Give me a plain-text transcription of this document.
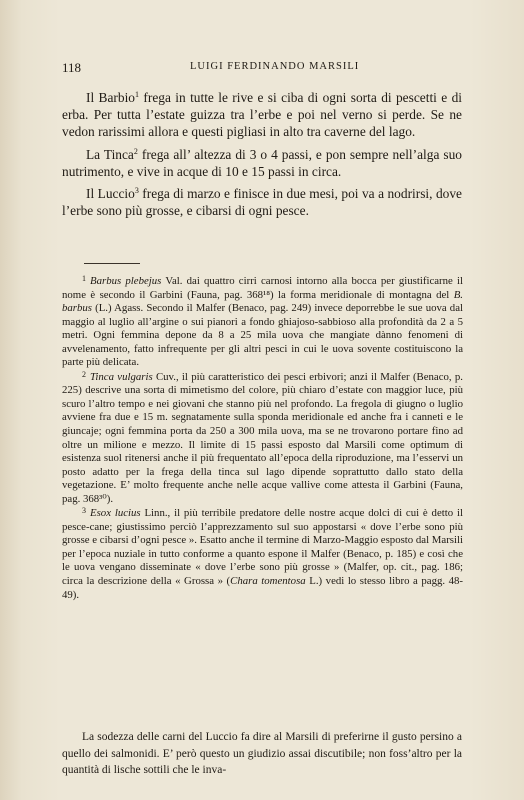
118	LUIGI FERDINANDO MARSILI

Il Barbio$^1$ frega in tutte le rive e si ciba di ogni sorta di pescetti e di erba. Per tutta l’estate guizza tra l’erbe e poi nel verno si perde. Se ne vedon rarissimi allora e questi pigliasi in alto tra caverne del lago.

La Tinca$^2$ frega all’ altezza di 3 o 4 passi, e pon sempre nell’alga suo nutrimento, e vive in acque di 10 e 15 passi in circa.

Il Luccio$^3$ frega di marzo e finisce in due mesi, poi va a nodrirsi, dove l’erbe sono più grosse, e cibarsi di ogni pesce.

$^1$ Barbus plebejus Val. dai quattro cirri carnosi intorno alla bocca per giustificarne il nome è secondo il Garbini (Fauna, pag. 368¹⁸) la forma meridionale di montagna del B. barbus (L.) Agass. Secondo il Malfer (Benaco, pag. 249) invece deporrebbe le sue uova dal maggio al luglio all’argine o sui pianori a fondo ghiajoso-sabbioso alla profondità da 2 a 5 metri. Ogni femmina depone da 8 a 25 mila uova che mangiate dànno fenomeni di avvelenamento, fatto infrequente per gli altri pesci in cui le uova sovente costituiscono la parte più delicata.

$^2$ Tinca vulgaris Cuv., il più caratteristico dei pesci erbivori; anzi il Malfer (Benaco, p. 225) descrive una sorta di mimetismo del colore, più chiaro d’estate con maggior luce, più scuro l’altro tempo e nei giovani che stanno più nel profondo. La fregola di giugno o luglio avviene fra due e 15 m. segnatamente sulla sponda meridionale ed anche fra i canneti e le giuncaje; ogni femmina porta da 250 a 300 mila uova, ma se ne trovarono portare fino ad oltre un milione e mezzo. Il limite di 15 passi esposto dal Marsili come optimum di esistenza suol ritenersi anche il più frequentato all’epoca della riproduzione, ma l’esservi un posto adatto per la frega della tinca sul lago dipende soprattutto dallo stato della vegetazione. E’ molto frequente anche nelle acque vallive come attesta il Garbini (Fauna, pag. 368³⁰).

$^3$ Esox lucius Linn., il più terribile predatore delle nostre acque dolci di cui è detto il pesce-cane; giustissimo perciò l’apprezzamento sul suo appostarsi « dove l’erbe sono più grosse e cibarsi d’ogni pesce ». Esatto anche il termine di Marzo-Maggio esposto dal Marsili per l’epoca nuziale in tutto conforme a quanto espone il Malfer (Benaco, p. 185) e così che le uova vengano disseminate « dove l’erbe sono più grosse » (Malfer, op. cit., pag. 186; circa la descrizione della « Grossa » (Chara tomentosa L.) vedi lo stesso libro a pagg. 48-49).

La sodezza delle carni del Luccio fa dire al Marsili di preferirne il gusto persino a quello dei salmonidi. E’ però questo un giudizio assai discutibile; non foss’altro per la quantità di lische sottili che le inva-
